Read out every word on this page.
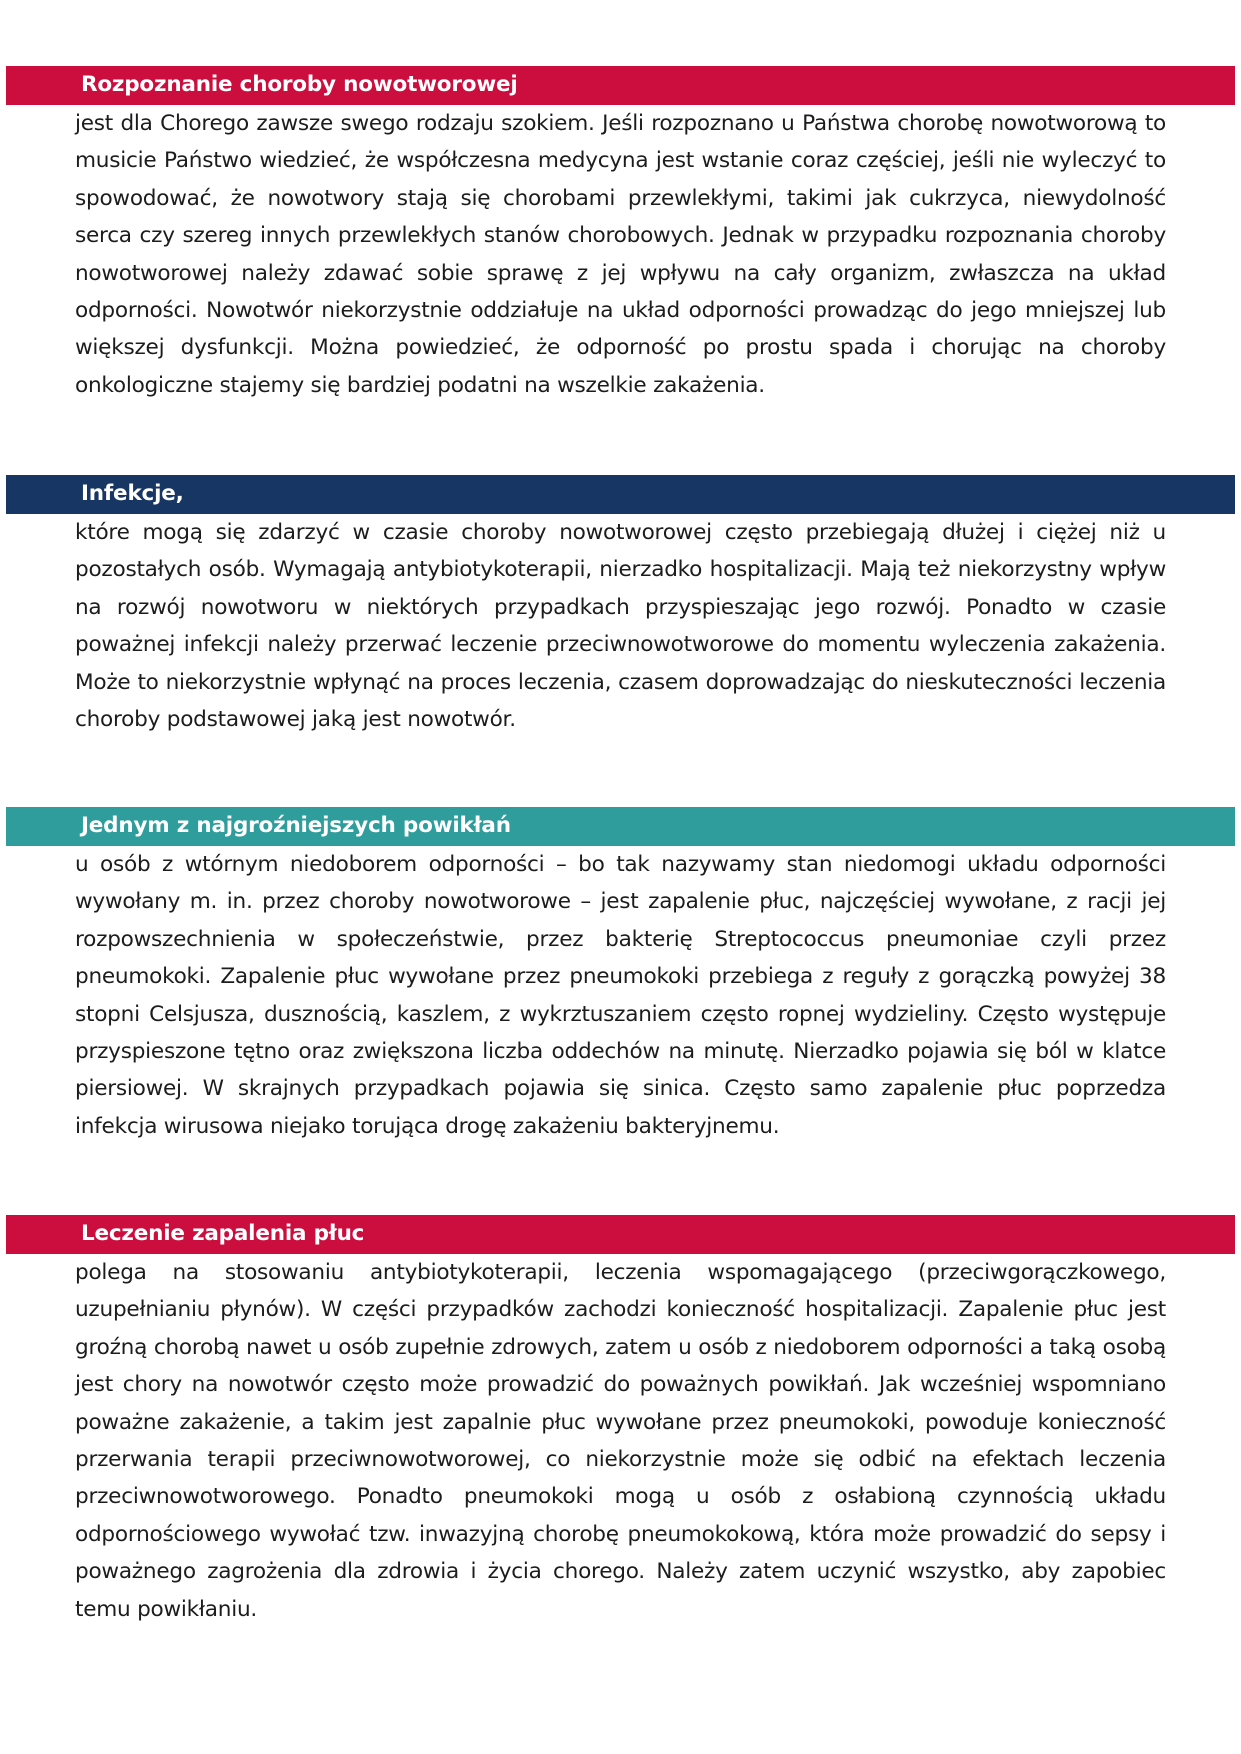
Rozpoznanie choroby nowotworowej

jest dla Chorego zawsze swego rodzaju szokiem. Jeśli rozpoznano u Państwa chorobę nowotworową to musicie Państwo wiedzieć, że współczesna medycyna jest wstanie coraz częściej, jeśli nie wyleczyć to spowodować, że nowotwory stają się chorobami przewlekłymi, takimi jak cukrzyca, niewydolność serca czy szereg innych przewlekłych stanów chorobowych. Jednak w przypadku rozpoznania choroby nowotworowej należy zdawać sobie sprawę z jej wpływu na cały organizm, zwłaszcza na układ odporności. Nowotwór niekorzystnie oddziałuje na układ odporności prowadząc do jego mniejszej lub większej dysfunkcji. Można powiedzieć, że odporność po prostu spada i chorując na choroby onkologiczne stajemy się bardziej podatni na wszelkie zakażenia.

Infekcje,

które mogą się zdarzyć w czasie choroby nowotworowej często przebiegają dłużej i ciężej niż u pozostałych osób. Wymagają antybiotykoterapii, nierzadko hospitalizacji. Mają też niekorzystny wpływ na rozwój nowotworu w niektórych przypadkach przyspieszając jego rozwój. Ponadto w czasie poważnej infekcji należy przerwać leczenie przeciwnowotworowe do momentu wyleczenia zakażenia. Może to niekorzystnie wpłynąć na proces leczenia, czasem doprowadzając do nieskuteczności leczenia choroby podstawowej jaką jest nowotwór.

Jednym z najgroźniejszych powikłań

u osób z wtórnym niedoborem odporności – bo tak nazywamy stan niedomogi układu odporności wywołany m. in. przez choroby nowotworowe – jest zapalenie płuc, najczęściej wywołane, z racji jej rozpowszechnienia w społeczeństwie, przez bakterię Streptococcus pneumoniae czyli przez pneumokoki. Zapalenie płuc wywołane przez pneumokoki przebiega z reguły z gorączką powyżej 38 stopni Celsjusza, dusznością, kaszlem, z wykrztuszaniem często ropnej wydzieliny. Często występuje przyspieszone tętno oraz zwiększona liczba oddechów na minutę. Nierzadko pojawia się ból w klatce piersiowej. W skrajnych przypadkach pojawia się sinica. Często samo zapalenie płuc poprzedza infekcja wirusowa niejako torująca drogę zakażeniu bakteryjnemu.

Leczenie zapalenia płuc

polega na stosowaniu antybiotykoterapii, leczenia wspomagającego (przeciwgorączkowego, uzupełnianiu płynów). W części przypadków zachodzi konieczność hospitalizacji. Zapalenie płuc jest groźną chorobą nawet u osób zupełnie zdrowych, zatem u osób z niedoborem odporności a taką osobą jest chory na nowotwór często może prowadzić do poważnych powikłań. Jak wcześniej wspomniano poważne zakażenie, a takim jest zapalnie płuc wywołane przez pneumokoki, powoduje konieczność przerwania terapii przeciwnowotworowej, co niekorzystnie może się odbić na efektach leczenia przeciwnowotworowego. Ponadto pneumokoki mogą u osób z osłabioną czynnością układu odpornościowego wywołać tzw. inwazyjną chorobę pneumokokową, która może prowadzić do sepsy i poważnego zagrożenia dla zdrowia i życia chorego. Należy zatem uczynić wszystko, aby zapobiec temu powikłaniu.
